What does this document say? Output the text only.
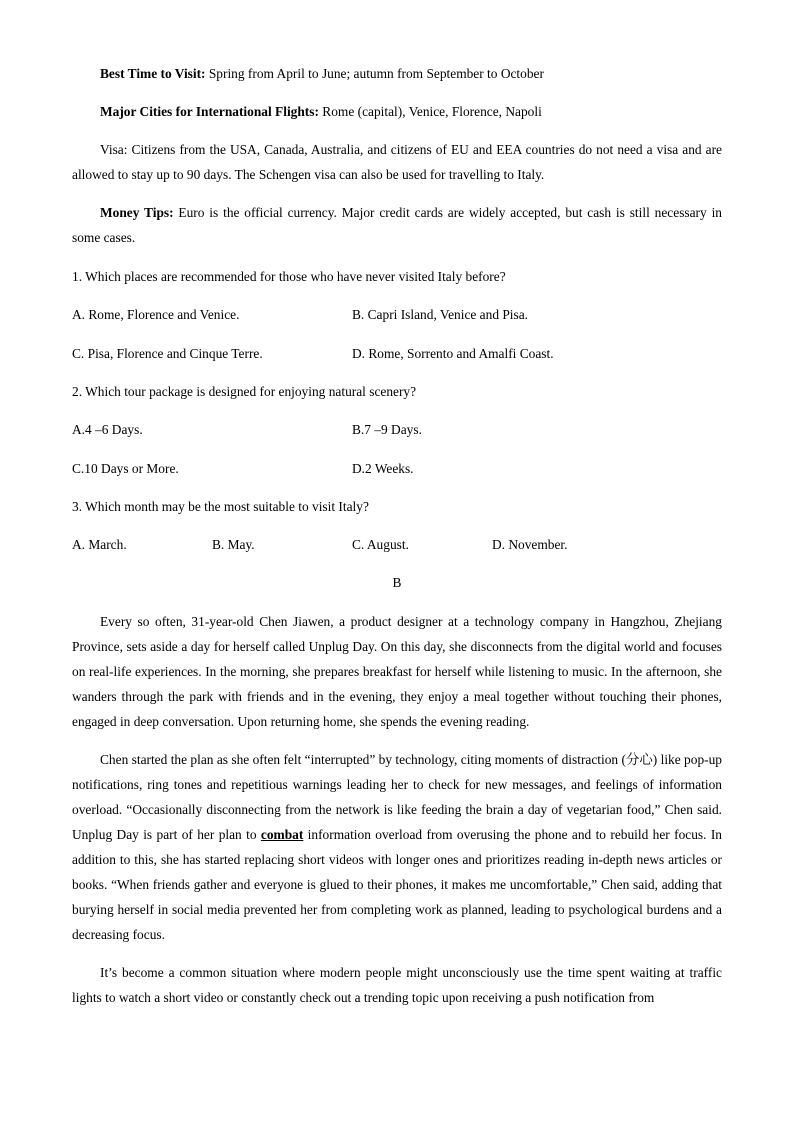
Best Time to Visit: Spring from April to June; autumn from September to October

Major Cities for International Flights: Rome (capital), Venice, Florence, Napoli

Visa: Citizens from the USA, Canada, Australia, and citizens of EU and EEA countries do not need a visa and are allowed to stay up to 90 days. The Schengen visa can also be used for travelling to Italy.

Money Tips: Euro is the official currency. Major credit cards are widely accepted, but cash is still necessary in some cases.

1. Which places are recommended for those who have never visited Italy before?

A. Rome, Florence and Venice.	B. Capri Island, Venice and Pisa.
C. Pisa, Florence and Cinque Terre.	D. Rome, Sorrento and Amalfi Coast.

2. Which tour package is designed for enjoying natural scenery?

A.4 –6 Days.	B.7 –9 Days.
C.10 Days or More.	D.2 Weeks.

3. Which month may be the most suitable to visit Italy?

A. March.	B. May.	C. August.	D. November.

B

Every so often, 31-year-old Chen Jiawen, a product designer at a technology company in Hangzhou, Zhejiang Province, sets aside a day for herself called Unplug Day. On this day, she disconnects from the digital world and focuses on real-life experiences. In the morning, she prepares breakfast for herself while listening to music. In the afternoon, she wanders through the park with friends and in the evening, they enjoy a meal together without touching their phones, engaged in deep conversation. Upon returning home, she spends the evening reading.

Chen started the plan as she often felt “interrupted” by technology, citing moments of distraction (分心) like pop-up notifications, ring tones and repetitious warnings leading her to check for new messages, and feelings of information overload. “Occasionally disconnecting from the network is like feeding the brain a day of vegetarian food,” Chen said. Unplug Day is part of her plan to combat information overload from overusing the phone and to rebuild her focus. In addition to this, she has started replacing short videos with longer ones and prioritizes reading in-depth news articles or books. “When friends gather and everyone is glued to their phones, it makes me uncomfortable,” Chen said, adding that burying herself in social media prevented her from completing work as planned, leading to psychological burdens and a decreasing focus.

It’s become a common situation where modern people might unconsciously use the time spent waiting at traffic lights to watch a short video or constantly check out a trending topic upon receiving a push notification from
